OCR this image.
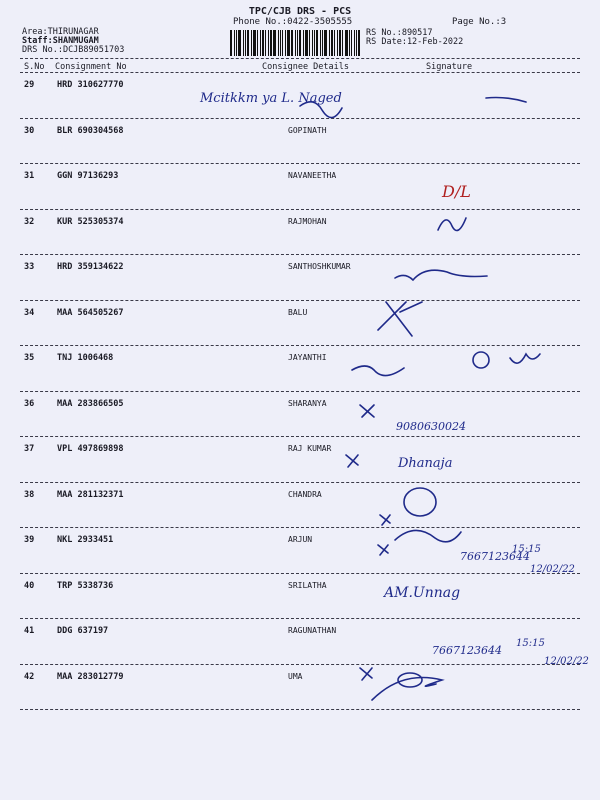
TPC/CJB DRS - PCS
Phone No.:0422-3505555	Page No.:3
Area:THIRUNAGAR
Staff:SHANMUGAM
DRS No.:DCJB89051703
RS No.:890517
RS Date:12-Feb-2022
S.No Consignment No	Consignee Details	Signature
29	HRD 310627770
30	BLR 690304568	GOPINATH
31	GGN 97136293	NAVANEETHA
32	KUR 525305374	RAJMOHAN
33	HRD 359134622	SANTHOSHKUMAR
34	MAA 564505267	BALU
35	TNJ 1006468	JAYANTHI
36	MAA 283866505	SHARANYA
37	VPL 497869898	RAJ KUMAR
38	MAA 281132371	CHANDRA
39	NKL 2933451	ARJUN
40	TRP 5338736	SRILATHA
41	DDG 637197	RAGUNATHAN
42	MAA 283012779	UMA
Mcitkkm ya L. Naged
9080630024
Dhanaja
7667123644
15:15
12/02/22
AM.Unnag
7667123644
15:15
12/02/22
D/L
